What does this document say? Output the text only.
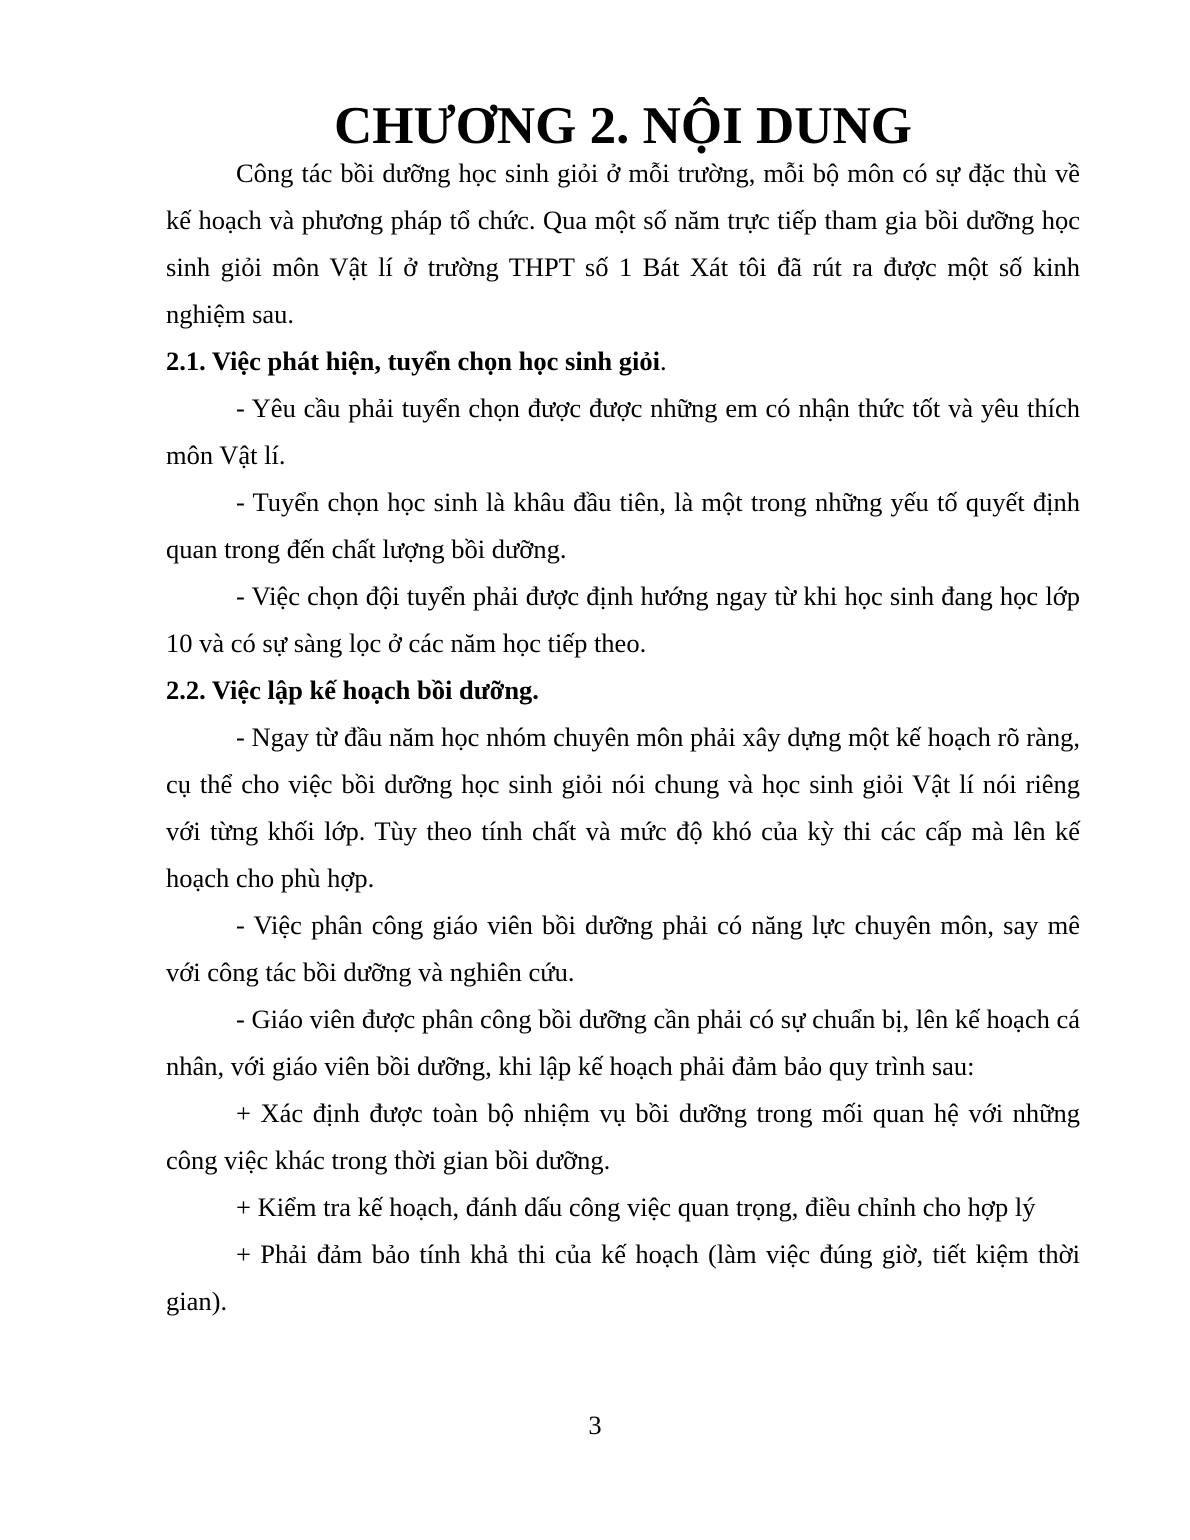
CHƯƠNG 2. NỘI DUNG

Công tác bồi dưỡng học sinh giỏi ở mỗi trường, mỗi bộ môn có sự đặc thù về kế hoạch và phương pháp tổ chức. Qua một số năm trực tiếp tham gia bồi dưỡng học sinh giỏi môn Vật lí ở trường THPT số 1 Bát Xát tôi đã rút ra được một số kinh nghiệm sau.

2.1. Việc phát hiện, tuyển chọn học sinh giỏi.

- Yêu cầu phải tuyển chọn được được những em có nhận thức tốt và yêu thích môn Vật lí.

- Tuyển chọn học sinh là khâu đầu tiên, là một trong những yếu tố quyết định quan trong đến chất lượng bồi dưỡng.

- Việc chọn đội tuyển phải được định hướng ngay từ khi học sinh đang học lớp 10 và có sự sàng lọc ở các năm học tiếp theo.

2.2. Việc lập kế hoạch bồi dưỡng.

- Ngay từ đầu năm học nhóm chuyên môn phải xây dựng một kế hoạch rõ ràng, cụ thể cho việc bồi dưỡng học sinh giỏi nói chung và học sinh giỏi Vật lí nói riêng với từng khối lớp. Tùy theo tính chất và mức độ khó của kỳ thi các cấp mà lên kế hoạch cho phù hợp.

- Việc phân công giáo viên bồi dưỡng phải có năng lực chuyên môn, say mê với công tác bồi dưỡng và nghiên cứu.

- Giáo viên được phân công bồi dưỡng cần phải có sự chuẩn bị, lên kế hoạch cá nhân, với giáo viên bồi dưỡng, khi lập kế hoạch phải đảm bảo quy trình sau:

+ Xác định được toàn bộ nhiệm vụ bồi dưỡng trong mối quan hệ với những công việc khác trong thời gian bồi dưỡng.

+ Kiểm tra kế hoạch, đánh dấu công việc quan trọng, điều chỉnh cho hợp lý

+ Phải đảm bảo tính khả thi của kế hoạch (làm việc đúng giờ, tiết kiệm thời gian).

3
